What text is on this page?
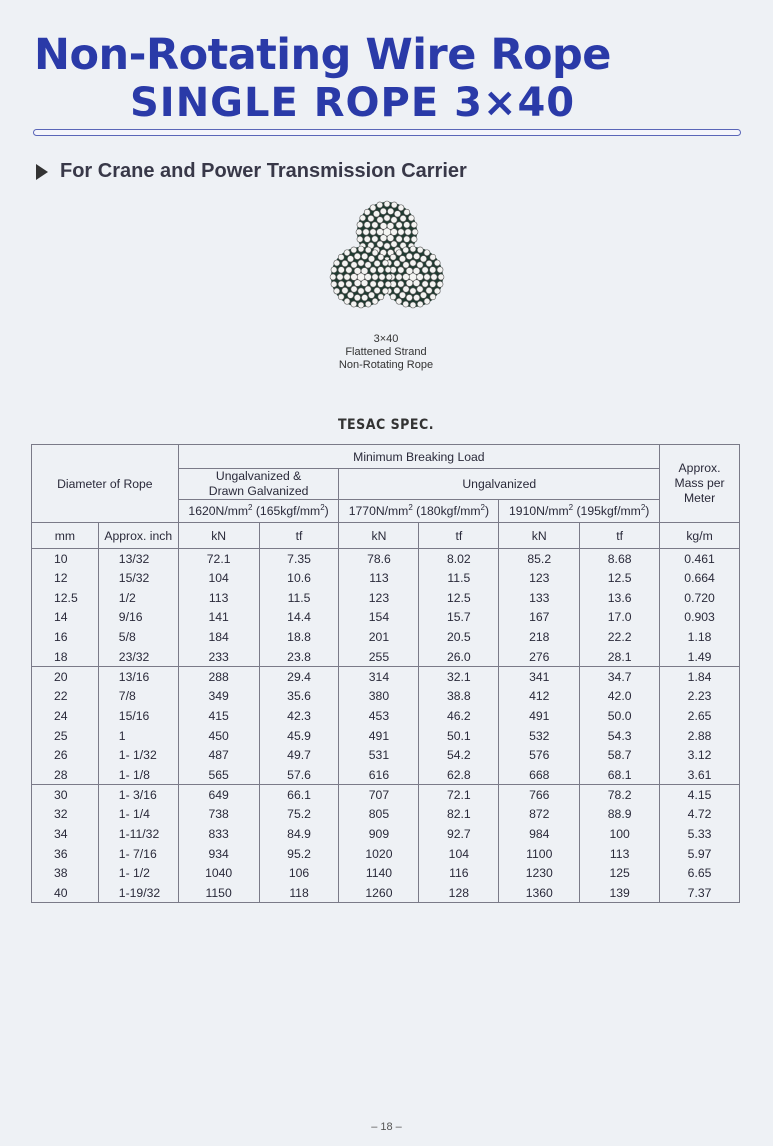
Non-Rotating Wire Rope
SINGLE ROPE 3×40
For Crane and Power Transmission Carrier
3×40
Flattened Strand
Non-Rotating Rope
TESAC SPEC.
Diameter of Rope		Minimum Breaking Load						Approx. Mass per Meter

		Ungalvanized & Drawn Galvanized		Ungalvanized				
		$1620N/mm^2$ $(165kgf/mm^2)$		$1770N/mm^2$ $(180kgf/mm^2)$		$1910N/mm^2$ $(195kgf/mm^2)$		
mm	Approx. inch	kN	tf	kN	tf	kN	tf	kg/m
10	13/32	72.1	7.35	78.6	8.02	85.2	8.68	0.461
12	15/32	104	10.6	113	11.5	123	12.5	0.664
12.5	1/2	113	11.5	123	12.5	133	13.6	0.720
14	9/16	141	14.4	154	15.7	167	17.0	0.903
16	5/8	184	18.8	201	20.5	218	22.2	1.18
18	23/32	233	23.8	255	26.0	276	28.1	1.49
20	13/16	288	29.4	314	32.1	341	34.7	1.84
22	7/8	349	35.6	380	38.8	412	42.0	2.23
24	15/16	415	42.3	453	46.2	491	50.0	2.65
25	1	450	45.9	491	50.1	532	54.3	2.88
26	1- 1/32	487	49.7	531	54.2	576	58.7	3.12
28	1- 1/8	565	57.6	616	62.8	668	68.1	3.61
30	1- 3/16	649	66.1	707	72.1	766	78.2	4.15
32	1- 1/4	738	75.2	805	82.1	872	88.9	4.72
34	1-11/32	833	84.9	909	92.7	984	100	5.33
36	1- 7/16	934	95.2	1020	104	1100	113	5.97
38	1- 1/2	1040	106	1140	116	1230	125	6.65
40	1-19/32	1150	118	1260	128	1360	139	7.37
– 18 –
